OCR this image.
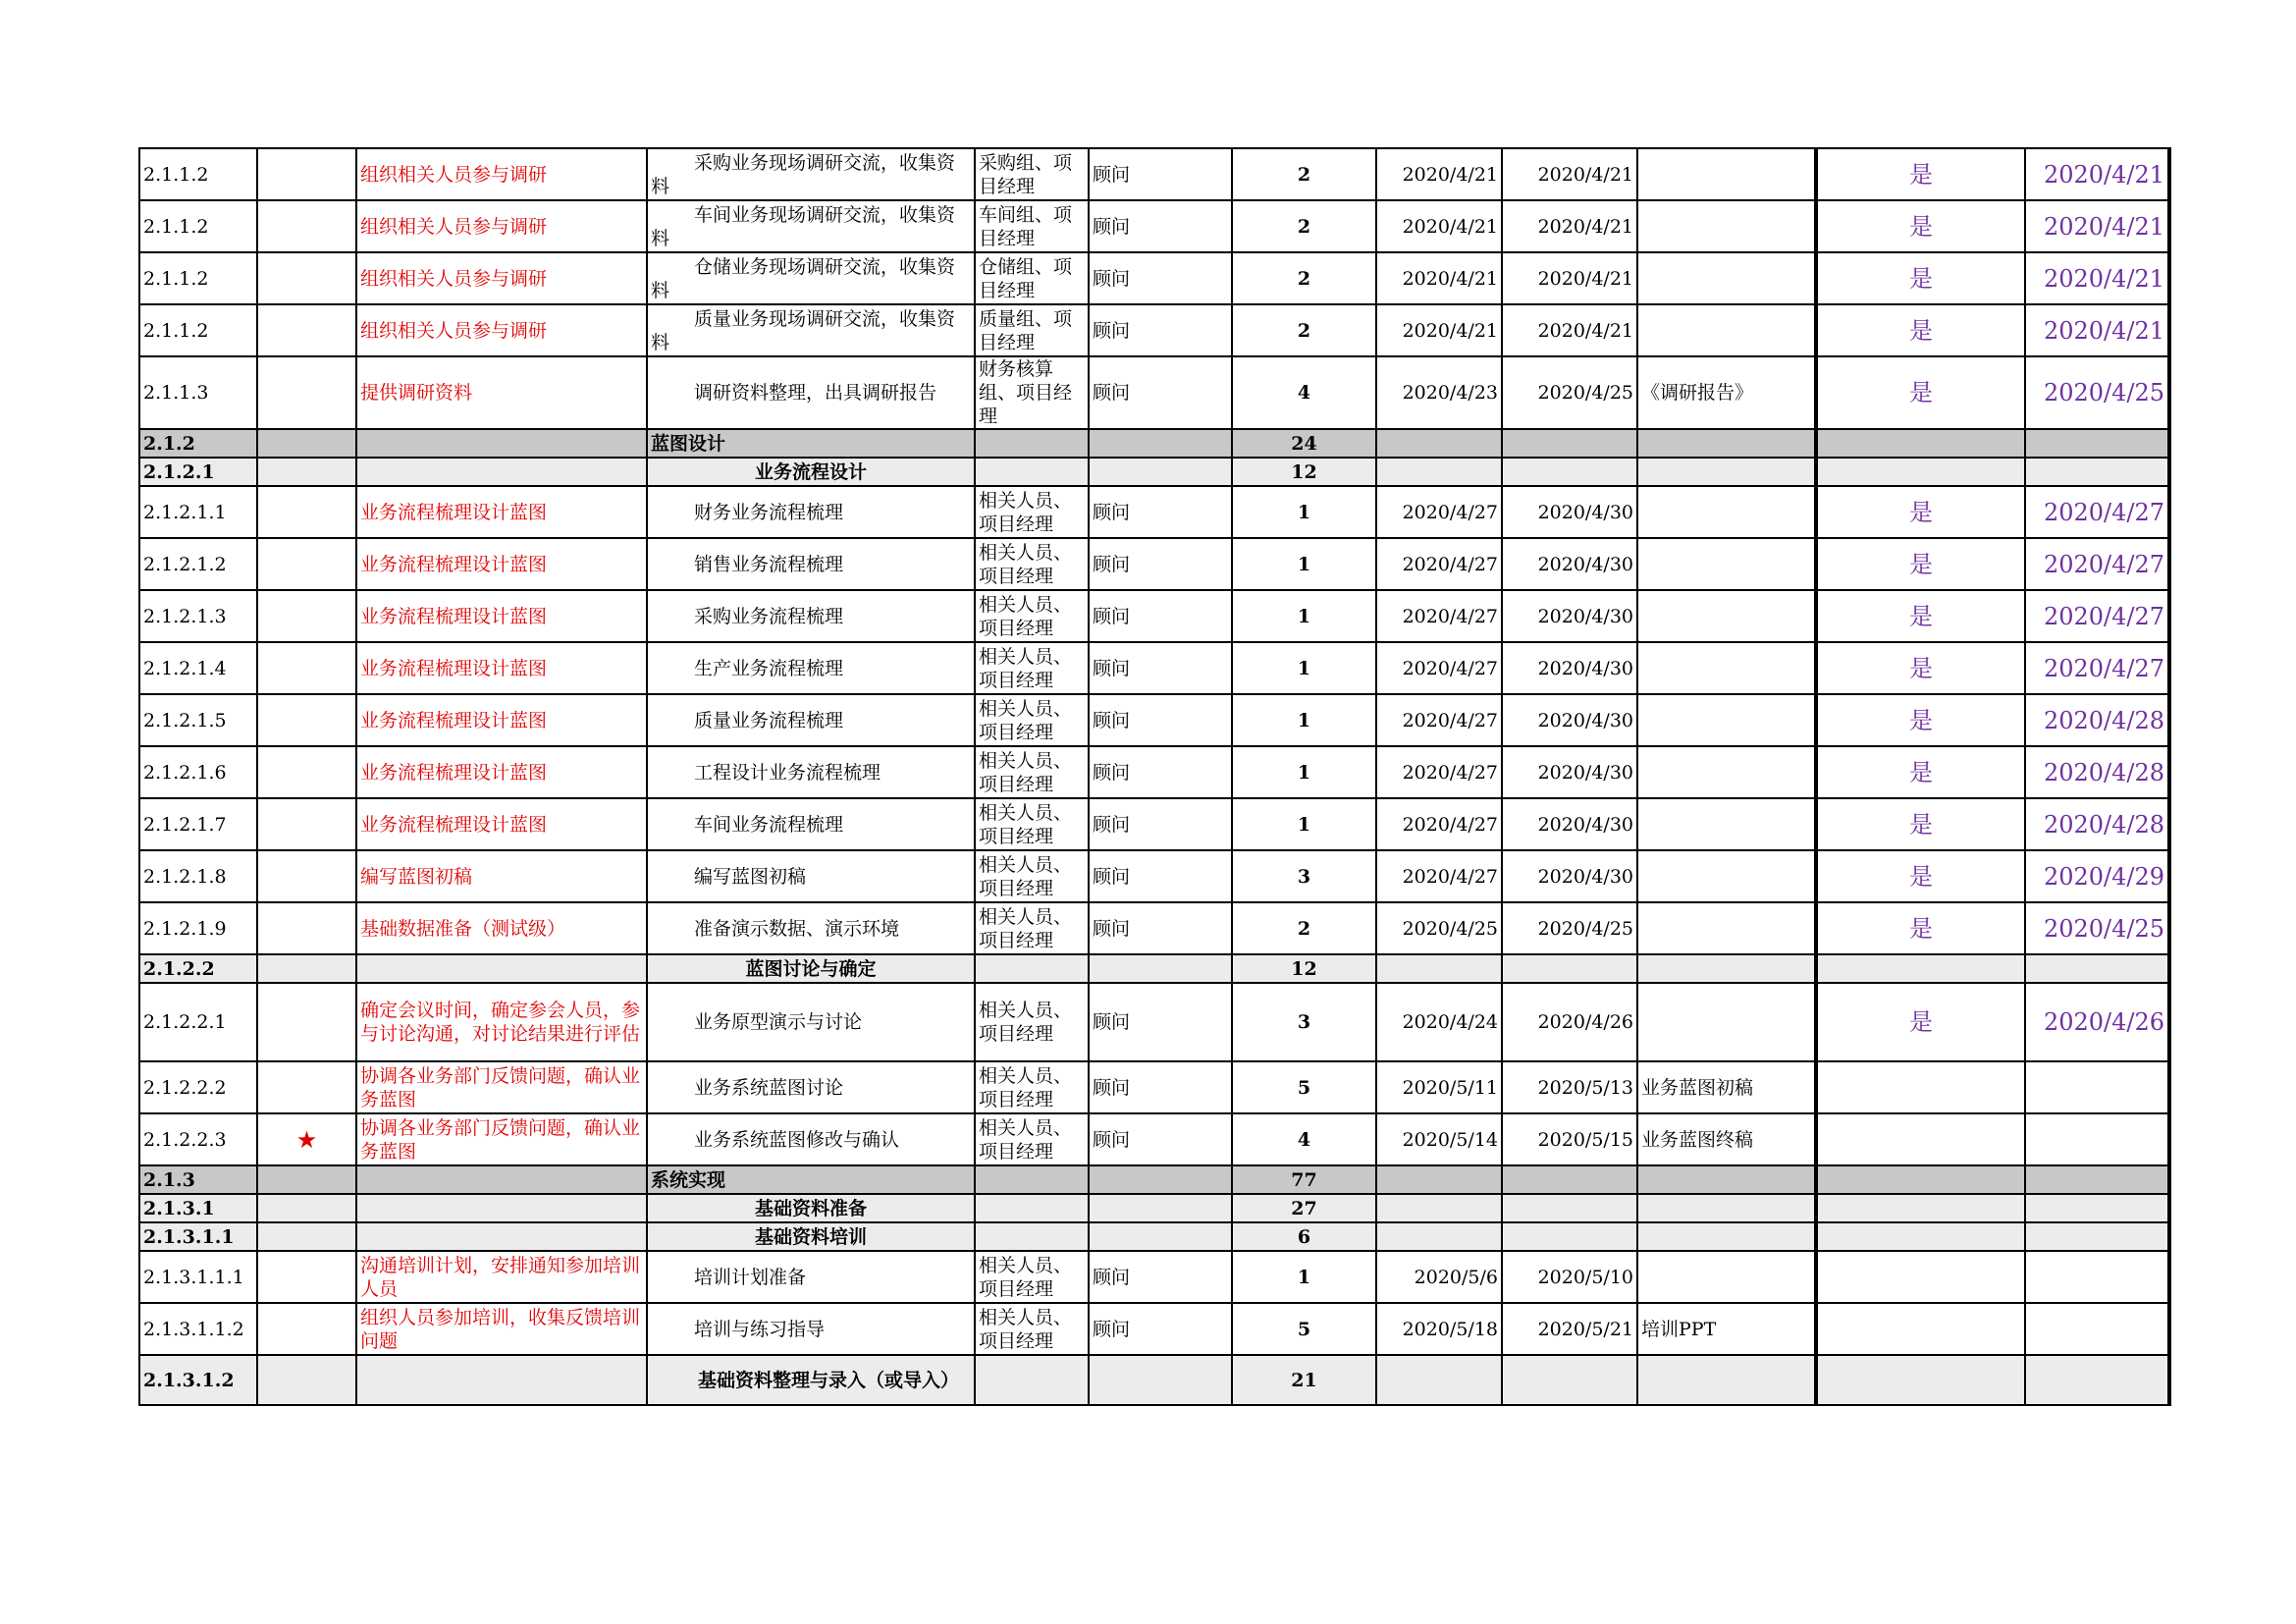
2.1.1.2		组织相关人员参与调研	采购业务现场调研交流，收集资料	采购组、项目经理	顾问	2	2020/4/21	2020/4/21		是	2020/4/21
2.1.1.2		组织相关人员参与调研	车间业务现场调研交流，收集资料	车间组、项目经理	顾问	2	2020/4/21	2020/4/21		是	2020/4/21
2.1.1.2		组织相关人员参与调研	仓储业务现场调研交流，收集资料	仓储组、项目经理	顾问	2	2020/4/21	2020/4/21		是	2020/4/21
2.1.1.2		组织相关人员参与调研	质量业务现场调研交流，收集资料	质量组、项目经理	顾问	2	2020/4/21	2020/4/21		是	2020/4/21
2.1.1.3		提供调研资料	调研资料整理，出具调研报告	财务核算组、项目经理	顾问	4	2020/4/23	2020/4/25	《调研报告》	是	2020/4/25
2.1.2			蓝图设计			24					
2.1.2.1			业务流程设计			12					
2.1.2.1.1		业务流程梳理设计蓝图	财务业务流程梳理	相关人员、项目经理	顾问	1	2020/4/27	2020/4/30		是	2020/4/27
2.1.2.1.2		业务流程梳理设计蓝图	销售业务流程梳理	相关人员、项目经理	顾问	1	2020/4/27	2020/4/30		是	2020/4/27
2.1.2.1.3		业务流程梳理设计蓝图	采购业务流程梳理	相关人员、项目经理	顾问	1	2020/4/27	2020/4/30		是	2020/4/27
2.1.2.1.4		业务流程梳理设计蓝图	生产业务流程梳理	相关人员、项目经理	顾问	1	2020/4/27	2020/4/30		是	2020/4/27
2.1.2.1.5		业务流程梳理设计蓝图	质量业务流程梳理	相关人员、项目经理	顾问	1	2020/4/27	2020/4/30		是	2020/4/28
2.1.2.1.6		业务流程梳理设计蓝图	工程设计业务流程梳理	相关人员、项目经理	顾问	1	2020/4/27	2020/4/30		是	2020/4/28
2.1.2.1.7		业务流程梳理设计蓝图	车间业务流程梳理	相关人员、项目经理	顾问	1	2020/4/27	2020/4/30		是	2020/4/28
2.1.2.1.8		编写蓝图初稿	编写蓝图初稿	相关人员、项目经理	顾问	3	2020/4/27	2020/4/30		是	2020/4/29
2.1.2.1.9		基础数据准备（测试级）	准备演示数据、演示环境	相关人员、项目经理	顾问	2	2020/4/25	2020/4/25		是	2020/4/25
2.1.2.2			蓝图讨论与确定			12					
2.1.2.2.1		确定会议时间，确定参会人员，参与讨论沟通，对讨论结果进行评估	业务原型演示与讨论	相关人员、项目经理	顾问	3	2020/4/24	2020/4/26		是	2020/4/26
2.1.2.2.2		协调各业务部门反馈问题，确认业务蓝图	业务系统蓝图讨论	相关人员、项目经理	顾问	5	2020/5/11	2020/5/13	业务蓝图初稿		
2.1.2.2.3	★	协调各业务部门反馈问题，确认业务蓝图	业务系统蓝图修改与确认	相关人员、项目经理	顾问	4	2020/5/14	2020/5/15	业务蓝图终稿		
2.1.3			系统实现			77					
2.1.3.1			基础资料准备			27					
2.1.3.1.1			基础资料培训			6					
2.1.3.1.1.1		沟通培训计划，安排通知参加培训人员	培训计划准备	相关人员、项目经理	顾问	1	2020/5/6	2020/5/10			
2.1.3.1.1.2		组织人员参加培训，收集反馈培训问题	培训与练习指导	相关人员、项目经理	顾问	5	2020/5/18	2020/5/21	培训PPT		
2.1.3.1.2			基础资料整理与录入（或导入）			21					
